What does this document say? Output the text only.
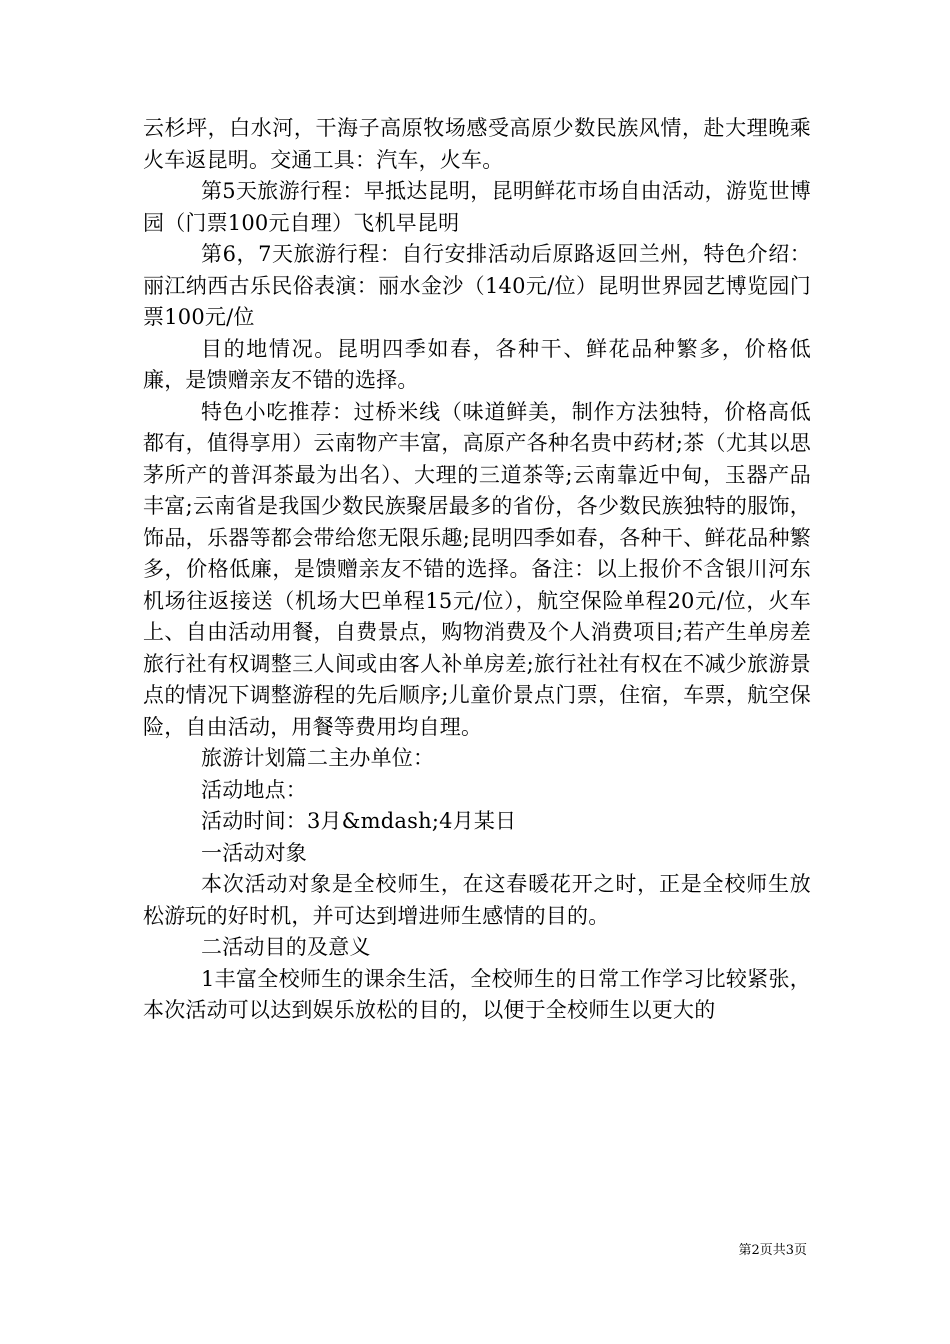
云杉坪，白水河，干海子高原牧场感受高原少数民族风情，赴大理晚乘火车返昆明。交通工具：汽车，火车。

第5天旅游行程：早抵达昆明，昆明鲜花市场自由活动，游览世博园（门票100元自理）飞机早昆明

第6，7天旅游行程：自行安排活动后原路返回兰州，特色介绍：丽江纳西古乐民俗表演：丽水金沙（140元/位）昆明世界园艺博览园门票100元/位

目的地情况。昆明四季如春，各种干、鲜花品种繁多，价格低廉，是馈赠亲友不错的选择。

特色小吃推荐：过桥米线（味道鲜美，制作方法独特，价格高低都有，值得享用）云南物产丰富，高原产各种名贵中药材;茶（尤其以思茅所产的普洱茶最为出名）、大理的三道茶等;云南靠近中甸，玉器产品丰富;云南省是我国少数民族聚居最多的省份，各少数民族独特的服饰，饰品，乐器等都会带给您无限乐趣;昆明四季如春，各种干、鲜花品种繁多，价格低廉，是馈赠亲友不错的选择。备注：以上报价不含银川河东机场往返接送（机场大巴单程15元/位），航空保险单程20元/位，火车上、自由活动用餐，自费景点，购物消费及个人消费项目;若产生单房差旅行社有权调整三人间或由客人补单房差;旅行社社有权在不减少旅游景点的情况下调整游程的先后顺序;儿童价景点门票，住宿，车票，航空保险，自由活动，用餐等费用均自理。

旅游计划篇二主办单位：

活动地点：

活动时间：3月&mdash;4月某日

一活动对象

本次活动对象是全校师生，在这春暖花开之时，正是全校师生放松游玩的好时机，并可达到增进师生感情的目的。

二活动目的及意义

1丰富全校师生的课余生活，全校师生的日常工作学习比较紧张，本次活动可以达到娱乐放松的目的，以便于全校师生以更大的

第2页共3页
